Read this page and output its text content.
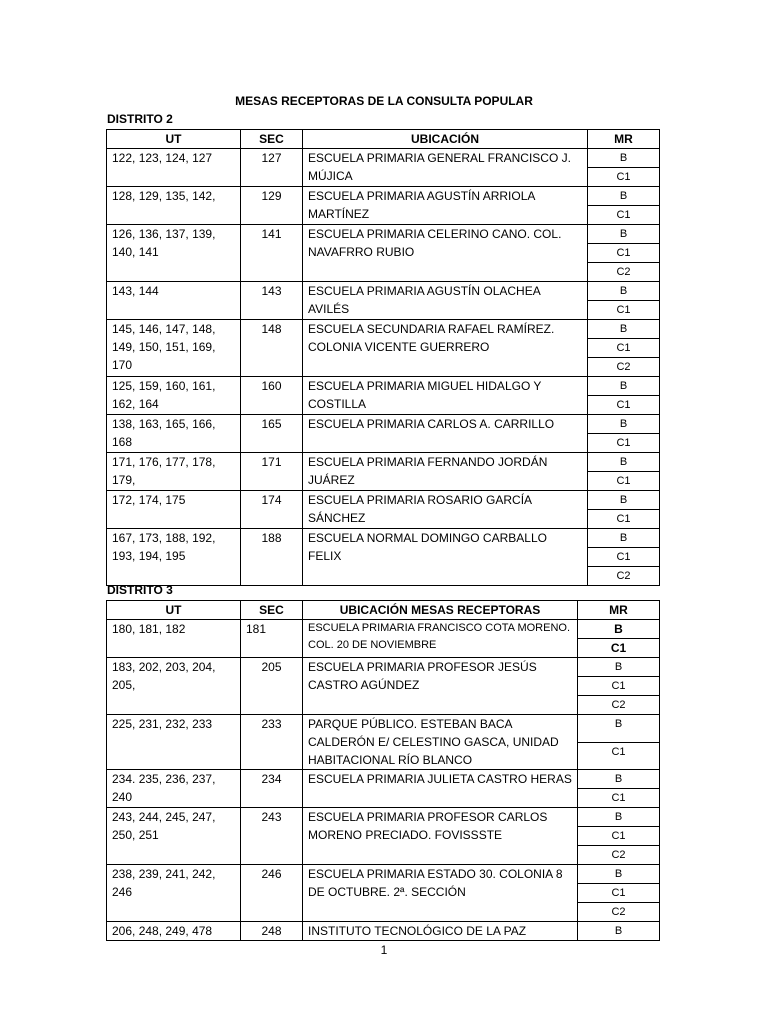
MESAS RECEPTORAS DE LA CONSULTA POPULAR
DISTRITO 2
UT	SEC	UBICACIÓN	MR
122, 123, 124, 127	127	ESCUELA PRIMARIA GENERAL FRANCISCO J. MÚJICA	B
			C1
128, 129, 135, 142,	129	ESCUELA PRIMARIA AGUSTÍN ARRIOLA MARTÍNEZ	B
			C1
126, 136, 137, 139, 140, 141	141	ESCUELA PRIMARIA CELERINO CANO. COL. NAVAFRRO RUBIO	B
			C1
			C2
143, 144	143	ESCUELA PRIMARIA AGUSTÍN OLACHEA AVILÉS	B
			C1
145, 146, 147, 148, 149, 150, 151, 169, 170	148	ESCUELA SECUNDARIA RAFAEL RAMÍREZ. COLONIA VICENTE GUERRERO	B
			C1
			C2
125, 159, 160, 161, 162, 164	160	ESCUELA PRIMARIA MIGUEL HIDALGO Y COSTILLA	B
			C1
138, 163, 165, 166, 168	165	ESCUELA PRIMARIA CARLOS A. CARRILLO	B
			C1
171, 176, 177, 178, 179,	171	ESCUELA PRIMARIA FERNANDO JORDÁN JUÁREZ	B
			C1
172, 174, 175	174	ESCUELA PRIMARIA ROSARIO GARCÍA SÁNCHEZ	B
			C1
167, 173, 188, 192, 193, 194, 195	188	ESCUELA NORMAL DOMINGO CARBALLO FELIX	B
			C1
			C2
DISTRITO 3
UT	SEC	UBICACIÓN MESAS RECEPTORAS	MR
180, 181, 182	181	ESCUELA PRIMARIA FRANCISCO COTA MORENO. COL. 20 DE NOVIEMBRE	B
			C1
183, 202, 203, 204, 205,	205	ESCUELA PRIMARIA PROFESOR JESÚS CASTRO AGÚNDEZ	B
			C1
			C2
225, 231, 232, 233	233	PARQUE PÚBLICO. ESTEBAN BACA CALDERÓN E/ CELESTINO GASCA, UNIDAD HABITACIONAL RÍO BLANCO	B
			C1
234. 235, 236, 237, 240	234	ESCUELA PRIMARIA JULIETA CASTRO HERAS	B
			C1
243, 244, 245, 247, 250, 251	243	ESCUELA PRIMARIA PROFESOR CARLOS MORENO PRECIADO. FOVISSSTE	B
			C1
			C2
238, 239, 241, 242, 246	246	ESCUELA PRIMARIA ESTADO 30. COLONIA 8 DE OCTUBRE. 2ª. SECCIÓN	B
			C1
			C2
206, 248, 249, 478	248	INSTITUTO TECNOLÓGICO DE LA PAZ	B
1
